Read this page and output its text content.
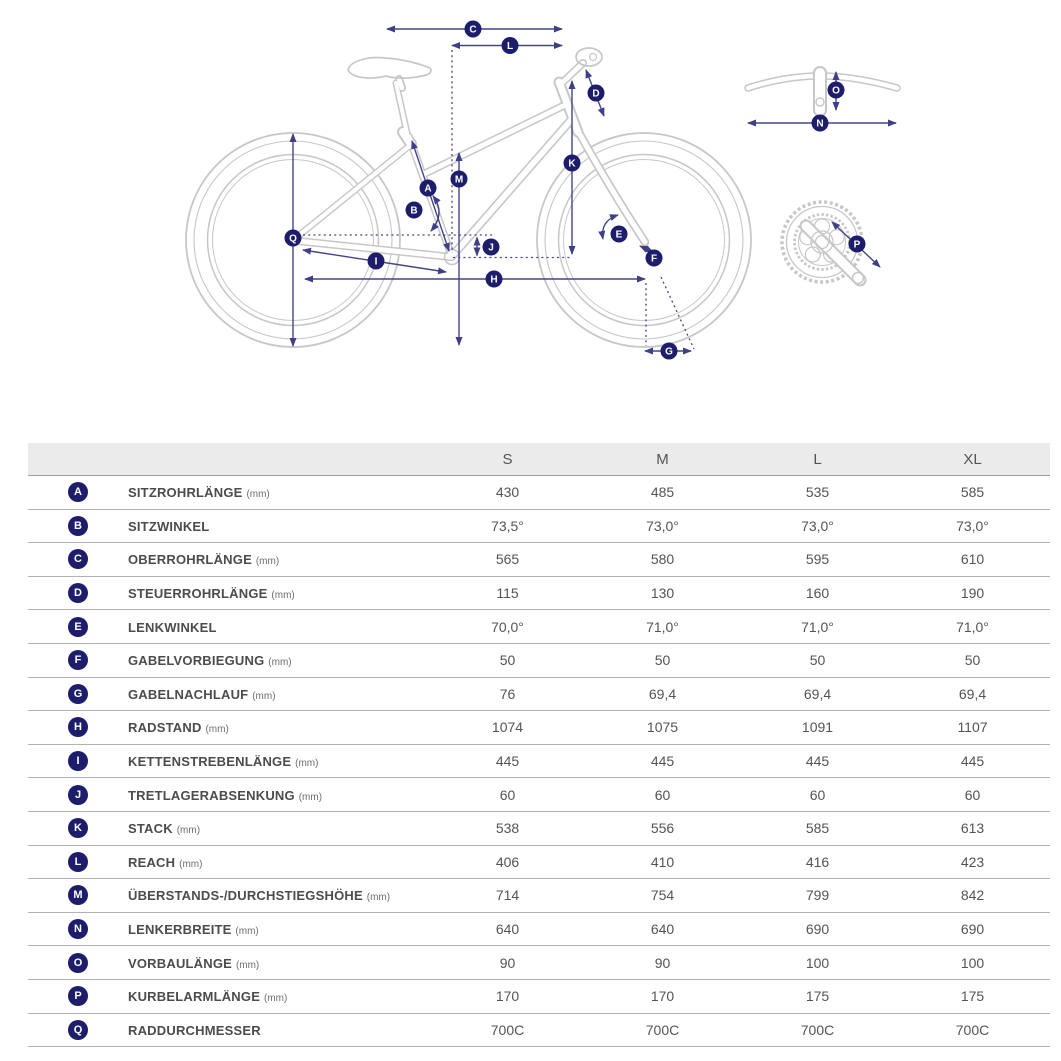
A
B
C
D
E
F
G
H
I
J
K
L
M
N
O
P
Q
		S	M	L	XL
A	SITZROHRLÄNGE (mm)	430	485	535	585
B	SITZWINKEL	73,5°	73,0°	73,0°	73,0°
C	OBERROHRLÄNGE (mm)	565	580	595	610
D	STEUERROHRLÄNGE (mm)	115	130	160	190
E	LENKWINKEL	70,0°	71,0°	71,0°	71,0°
F	GABELVORBIEGUNG (mm)	50	50	50	50
G	GABELNACHLAUF (mm)	76	69,4	69,4	69,4
H	RADSTAND (mm)	1074	1075	1091	1107
I	KETTENSTREBENLÄNGE (mm)	445	445	445	445
J	TRETLAGERABSENKUNG (mm)	60	60	60	60
K	STACK (mm)	538	556	585	613
L	REACH (mm)	406	410	416	423
M	ÜBERSTANDS-/DURCHSTIEGSHÖHE (mm)	714	754	799	842
N	LENKERBREITE (mm)	640	640	690	690
O	VORBAULÄNGE (mm)	90	90	100	100
P	KURBELARMLÄNGE (mm)	170	170	175	175
Q	RADDURCHMESSER	700C	700C	700C	700C
